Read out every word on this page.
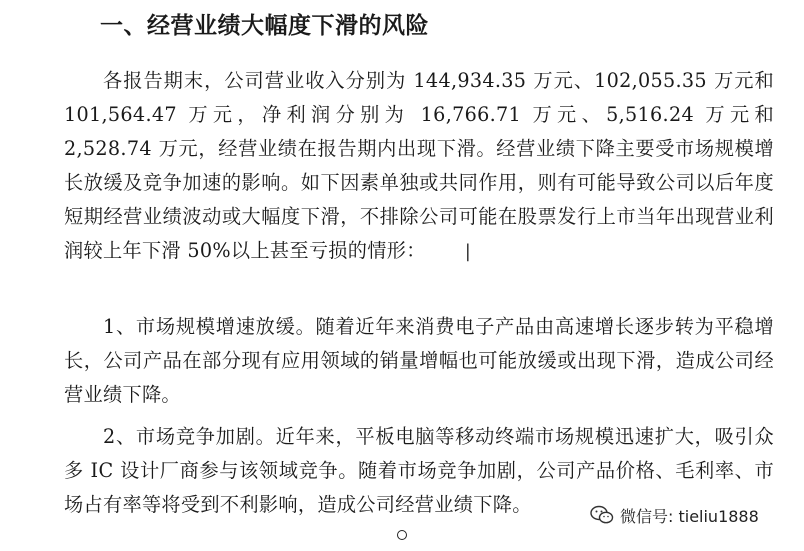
一、经营业绩大幅度下滑的风险

各报告期末，公司营业收入分别为 144,934.35 万元、102,055.35 万元和 101,564.47 万元，净利润分别为 16,766.71 万元、5,516.24 万元和 2,528.74 万元，经营业绩在报告期内出现下滑。经营业绩下降主要受市场规模增长放缓及竞争加速的影响。如下因素单独或共同作用，则有可能导致公司以后年度短期经营业绩波动或大幅度下滑，不排除公司可能在股票发行上市当年出现营业利润较上年下滑 50%以上甚至亏损的情形： |

1、市场规模增速放缓。随着近年来消费电子产品由高速增长逐步转为平稳增长，公司产品在部分现有应用领域的销量增幅也可能放缓或出现下滑，造成公司经营业绩下降。

2、市场竞争加剧。近年来，平板电脑等移动终端市场规模迅速扩大，吸引众多 IC 设计厂商参与该领域竞争。随着市场竞争加剧，公司产品价格、毛利率、市场占有率等将受到不利影响，造成公司经营业绩下降。	微信号: tieliu1888
